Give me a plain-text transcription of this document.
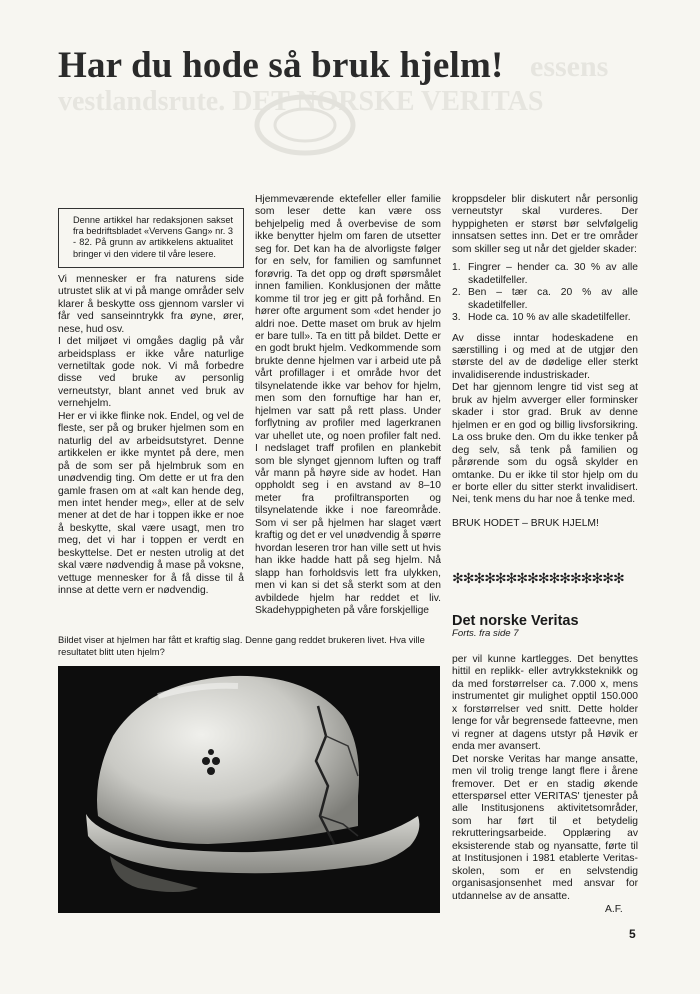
essens
vestlandsrute. DET NORSKE VERITAS
Har du hode så bruk hjelm!
Denne artikkel har redaksjonen sakset fra bedriftsbladet «Vervens Gang» nr. 3 - 82. På grunn av artikkelens aktualitet bringer vi den videre til våre lesere.

Vi mennesker er fra naturens side utrustet slik at vi på mange områder selv klarer å beskytte oss gjennom varsler vi får ved sanseinntrykk fra øyne, ører, nese, hud osv.

I det miljøet vi omgåes daglig på vår arbeidsplass er ikke våre naturlige vernetiltak gode nok. Vi må forbedre disse ved bruke av personlig verneutstyr, blant annet ved bruk av vernehjelm.

Her er vi ikke flinke nok. Endel, og vel de fleste, ser på og bruker hjelmen som en naturlig del av arbeidsutstyret. Denne artikkelen er ikke myntet på dere, men på de som ser på hjelmbruk som en unødvendig ting. Om dette er ut fra den gamle frasen om at «alt kan hende deg, men intet hender meg», eller at de selv mener at det de har i toppen ikke er noe å beskytte, skal være usagt, men tro meg, det vi har i toppen er verdt en beskyttelse. Det er nesten utrolig at det skal være nødvendig å mase på voksne, vettuge mennesker for å få disse til å innse at dette vern er nødvendig.

Hjemmeværende ektefeller eller familie som leser dette kan være oss behjelpelig med å overbevise de som ikke benytter hjelm om faren de utsetter seg for. Det kan ha de alvorligste følger for en selv, for familien og samfunnet forøvrig. Ta det opp og drøft spørsmålet innen familien. Konklusjonen der måtte komme til tror jeg er gitt på forhånd. En hører ofte argument som «det hender jo aldri noe. Dette maset om bruk av hjelm er bare tull». Ta en titt på bildet. Dette er en godt brukt hjelm. Vedkommende som brukte denne hjelmen var i arbeid ute på vårt profillager i et område hvor det tilsynelatende ikke var behov for hjelm, men som den fornuftige har han er, hjelmen var satt på rett plass. Under forflytning av profiler med lagerkranen var uhellet ute, og noen profiler falt ned. I nedslaget traff profilen en plankebit som ble slynget gjennom luften og traff vår mann på høyre side av hodet. Han oppholdt seg i en avstand av 8–10 meter fra profiltransporten og tilsynelatende ikke i noe fareområde. Som vi ser på hjelmen har slaget vært kraftig og det er vel unødvendig å spørre hvordan leseren tror han ville sett ut hvis han ikke hadde hatt på seg hjelm. Nå slapp han forholdsvis lett fra ulykken, men vi kan si det så sterkt som at den avbildede hjelm har reddet et liv. Skadehyppigheten på våre forskjellige

kroppsdeler blir diskutert når personlig verneutstyr skal vurderes. Der hyppigheten er størst bør selvfølgelig innsatsen settes inn. Det er tre områder som skiller seg ut når det gjelder skader:

1. Fingrer – hender ca. 30 % av alle skadetilfeller.
2. Ben – tær ca. 20 % av alle skadetilfeller.
3. Hode ca. 10 % av alle skadetilfeller.

Av disse inntar hodeskadene en særstilling i og med at de utgjør den største del av de dødelige eller sterkt invalidiserende industriskader.

Det har gjennom lengre tid vist seg at bruk av hjelm avverger eller forminsker skader i stor grad. Bruk av denne hjelmen er en god og billig livsforsikring. La oss bruke den. Om du ikke tenker på deg selv, så tenk på familien og pårørende som du også skylder en omtanke. Du er ikke til stor hjelp om du er borte eller du sitter sterkt invalidisert. Nei, tenk mens du har noe å tenke med.

BRUK HODET – BRUK HJELM!

✻✻✻✻✻✻✻✻✻✻✻✻✻✻✻✻
Det norske Veritas
Forts. fra side 7

per vil kunne kartlegges. Det benyttes hittil en replikk- eller avtrykksteknikk og da med forstørrelser ca. 7.000 x, mens instrumentet gir mulighet opptil 150.000 x forstørrelser ved snitt. Dette holder lenge for vår begrensede fatteevne, men vi regner at dagens utstyr på Høvik er enda mer avansert.

Det norske Veritas har mange ansatte, men vil trolig trenge langt flere i årene fremover. Det er en stadig økende etterspørsel etter VERITAS' tjenester på alle Institusjonens aktivitetsområder, som har ført til et betydelig rekrutteringsarbeide. Opplæring av eksisterende stab og nyansatte, førte til at Institusjonen i 1981 etablerte Veritas-skolen, som er en selvstendig organisasjonsenhet med ansvar for utdannelse av de ansatte.

A.F.
Bildet viser at hjelmen har fått et kraftig slag. Denne gang reddet brukeren livet. Hva ville resultatet blitt uten hjelm?
5
